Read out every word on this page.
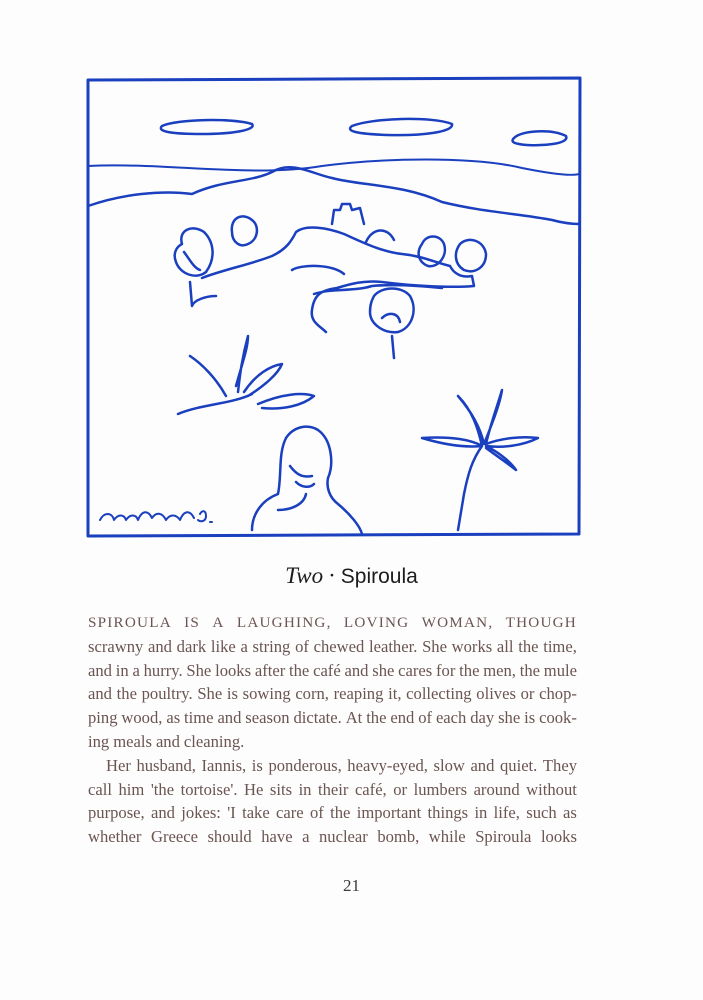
Two · Spiroula
SPIROULA IS A LAUGHING, LOVING WOMAN, THOUGH
scrawny and dark like a string of chewed leather. She works all the time,
and in a hurry. She looks after the café and she cares for the men, the mule
and the poultry. She is sowing corn, reaping it, collecting olives or chop-
ping wood, as time and season dictate. At the end of each day she is cook-
ing meals and cleaning.
Her husband, Iannis, is ponderous, heavy-eyed, slow and quiet. They
call him 'the tortoise'. He sits in their café, or lumbers around without
purpose, and jokes: 'I take care of the important things in life, such as
whether Greece should have a nuclear bomb, while Spiroula looks
21
